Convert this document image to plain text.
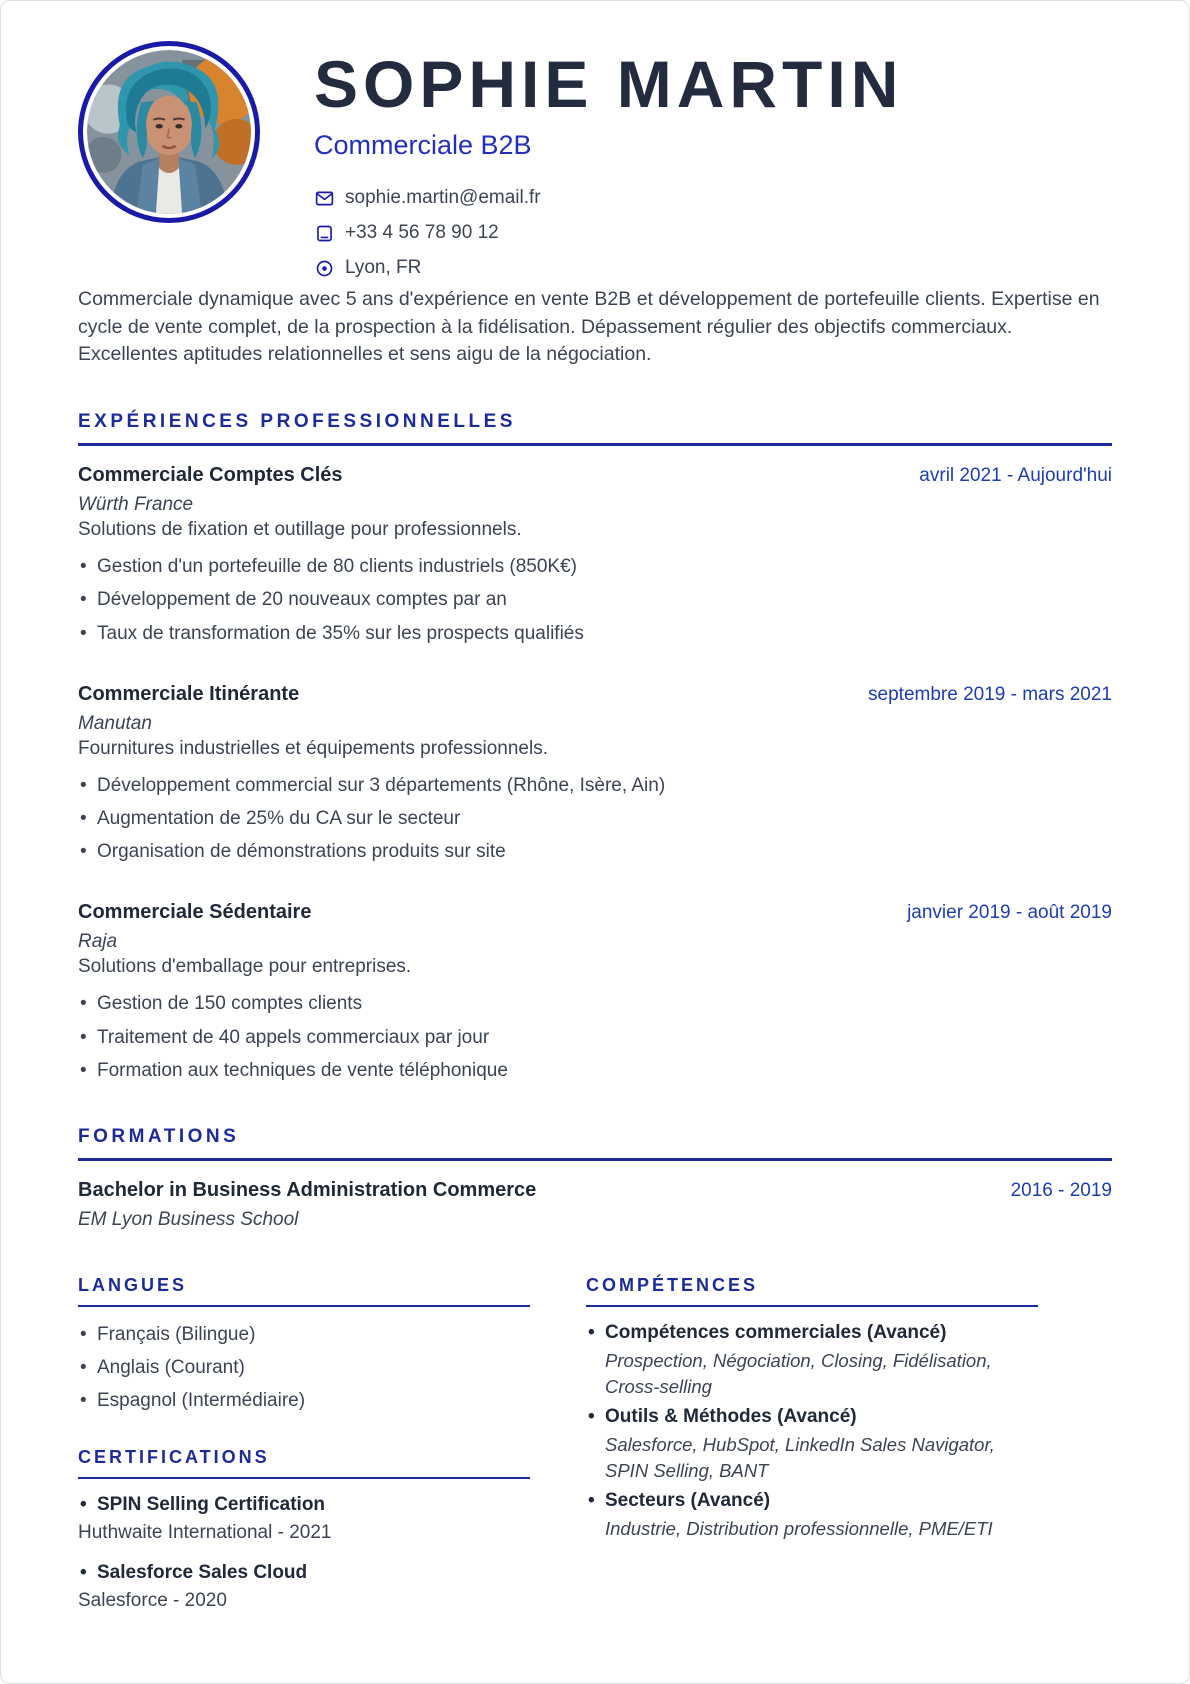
SOPHIE MARTIN
Commerciale B2B
sophie.martin@email.fr
+33 4 56 78 90 12
Lyon, FR

Commerciale dynamique avec 5 ans d'expérience en vente B2B et développement de portefeuille clients. Expertise en cycle de vente complet, de la prospection à la fidélisation. Dépassement régulier des objectifs commerciaux. Excellentes aptitudes relationnelles et sens aigu de la négociation.

EXPÉRIENCES PROFESSIONNELLES
Commerciale Comptes Clés	avril 2021 - Aujourd'hui
Würth France
Solutions de fixation et outillage pour professionnels.
• Gestion d'un portefeuille de 80 clients industriels (850K€)
• Développement de 20 nouveaux comptes par an
• Taux de transformation de 35% sur les prospects qualifiés
Commerciale Itinérante	septembre 2019 - mars 2021
Manutan
Fournitures industrielles et équipements professionnels.
• Développement commercial sur 3 départements (Rhône, Isère, Ain)
• Augmentation de 25% du CA sur le secteur
• Organisation de démonstrations produits sur site
Commerciale Sédentaire	janvier 2019 - août 2019
Raja
Solutions d'emballage pour entreprises.
• Gestion de 150 comptes clients
• Traitement de 40 appels commerciaux par jour
• Formation aux techniques de vente téléphonique
FORMATIONS
Bachelor in Business Administration Commerce	2016 - 2019
EM Lyon Business School
LANGUES
• Français (Bilingue)
• Anglais (Courant)
• Espagnol (Intermédiaire)
CERTIFICATIONS
• SPIN Selling Certification
Huthwaite International - 2021
• Salesforce Sales Cloud
Salesforce - 2020
COMPÉTENCES
• Compétences commerciales (Avancé)
Prospection, Négociation, Closing, Fidélisation, Cross-selling
• Outils & Méthodes (Avancé)
Salesforce, HubSpot, LinkedIn Sales Navigator, SPIN Selling, BANT
• Secteurs (Avancé)
Industrie, Distribution professionnelle, PME/ETI
